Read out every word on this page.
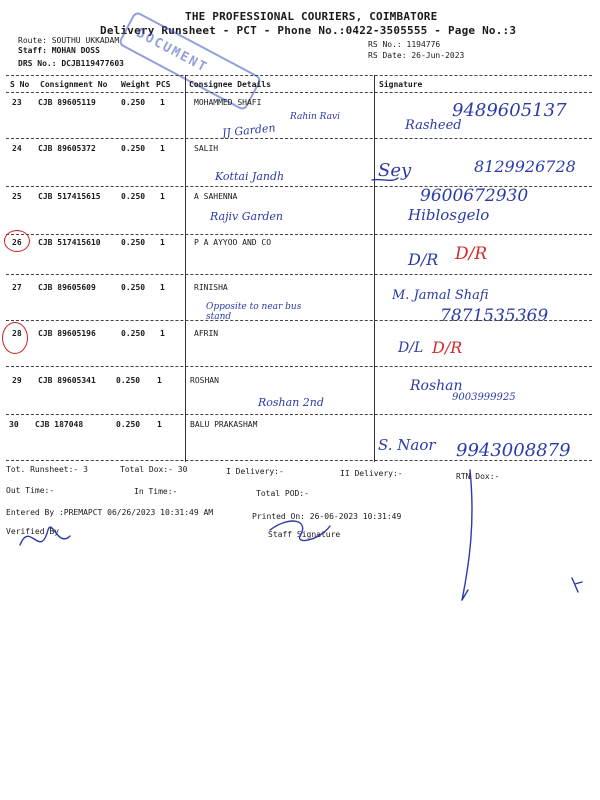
THE PROFESSIONAL COURIERS, COIMBATORE
Delivery Runsheet - PCT - Phone No.:0422-3505555 - Page No.:3
Route: SOUTHU UKKADAM
Staff: MOHAN DOSS
DRS No.: DCJB119477603
RS No.: 1194776
RS Date: 26-Jun-2023
DOCUMENT
S No Consignment No Weight PCS Consignee Details	Signature
23 CJB 89605119	0.250 1	MOHAMMED SHAFI
Rahin Ravi
JJ Garden
9489605137
Rasheed
24 CJB 89605372	0.250 1	SALIH
Kottai Jandh
8129926728
Sey
25 CJB 517415615	0.250 1	A SAHENNA
Rajiv Garden
9600672930
Hiblosgelo
26 CJB 517415610	0.250 1	P A AYYOO AND CO
D/R D/R
27 CJB 89605609	0.250 1	RINISHA
Opposite to near bus stand
M. Jamal Shafi
7871535369
28 CJB 89605196	0.250 1	AFRIN
D/L D/R
29 CJB 89605341	0.250 1	ROSHAN
Roshan 2nd
Roshan
9003999925
30 CJB 187048	0.250 1	BALU PRAKASHAM
S. Naor 9943008879
Tot. Runsheet:- 3	Total Dox:- 30	I Delivery:-	II Delivery:-	RTN Dox:-
Out Time:-	In Time:-	Total POD:-
Entered By :PREMAPCT 06/26/2023 10:31:49 AM	Printed On: 26-06-2023 10:31:49
Verified By	Staff Signature
